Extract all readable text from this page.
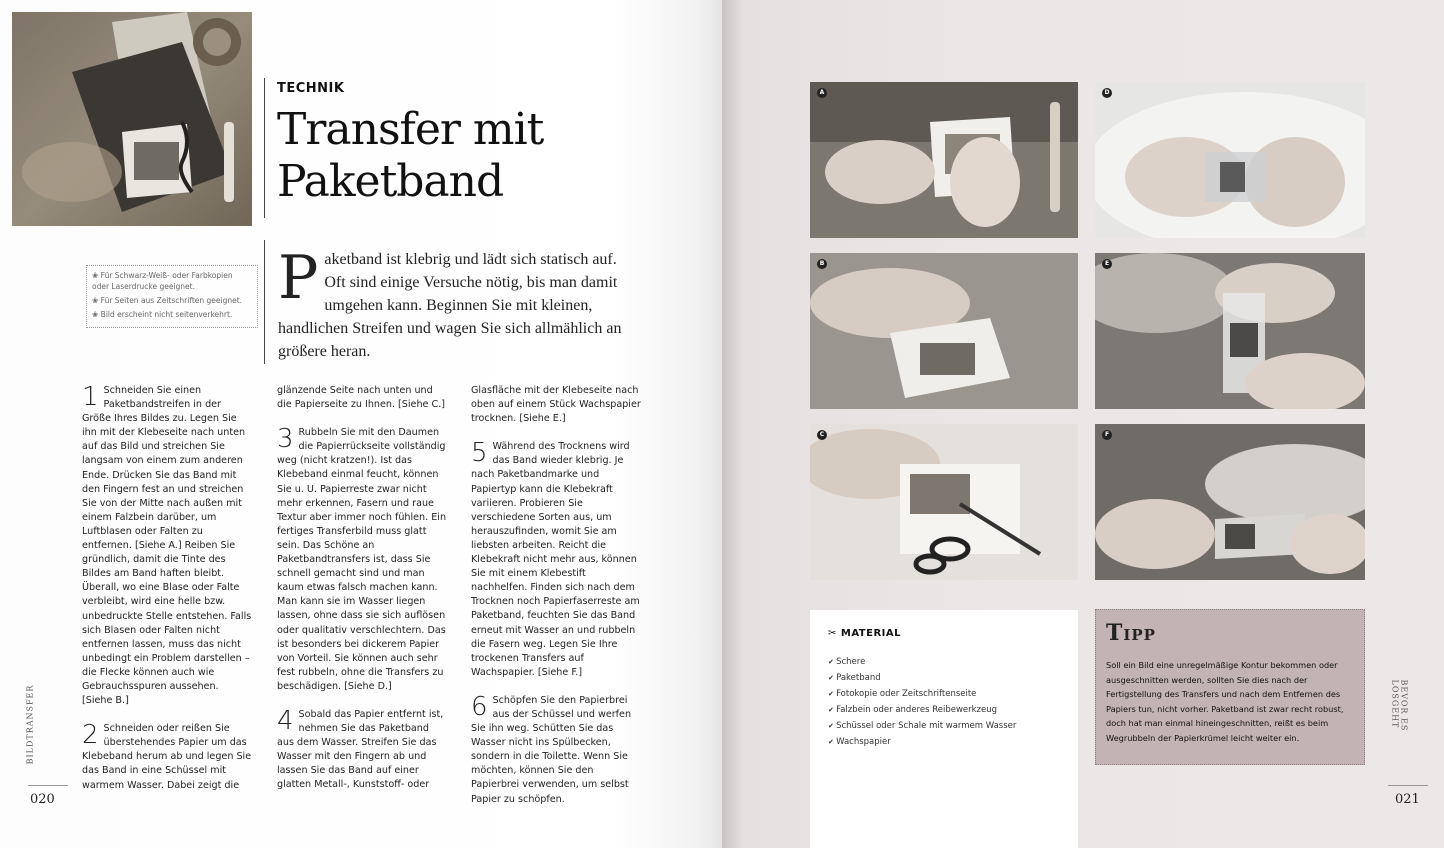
TECHNIK
Transfer mit Paketband
❀ Für Schwarz-Weiß- oder Farbkopien oder Laserdrucke geeignet.
❀ Für Seiten aus Zeitschriften geeignet.
❀ Bild erscheint nicht seitenverkehrt.
Paketband ist klebrig und lädt sich statisch auf. Oft sind einige Versuche nötig, bis man damit umgehen kann. Beginnen Sie mit kleinen, handlichen Streifen und wagen Sie sich allmählich an größere heran.
1 Schneiden Sie einen Paketbandstreifen in der Größe Ihres Bildes zu. Legen Sie ihn mit der Klebeseite nach unten auf das Bild und streichen Sie langsam von einem zum anderen Ende. Drücken Sie das Band mit den Fingern fest an und streichen Sie von der Mitte nach außen mit einem Falzbein darüber, um Luftblasen oder Falten zu entfernen. [Siehe A.] Reiben Sie gründlich, damit die Tinte des Bildes am Band haften bleibt. Überall, wo eine Blase oder Falte verbleibt, wird eine helle bzw. unbedruckte Stelle entstehen. Falls sich Blasen oder Falten nicht entfernen lassen, muss das nicht unbedingt ein Problem darstellen – die Flecke können auch wie Gebrauchsspuren aussehen. [Siehe B.]
2 Schneiden oder reißen Sie überstehendes Papier um das Klebeband herum ab und legen Sie das Band in eine Schüssel mit warmem Wasser. Dabei zeigt die
glänzende Seite nach unten und die Papierseite zu Ihnen. [Siehe C.]
3 Rubbeln Sie mit den Daumen die Papierrückseite vollständig weg (nicht kratzen!). Ist das Klebeband einmal feucht, können Sie u. U. Papierreste zwar nicht mehr erkennen, Fasern und raue Textur aber immer noch fühlen. Ein fertiges Transferbild muss glatt sein. Das Schöne an Paketbandtransfers ist, dass Sie schnell gemacht sind und man kaum etwas falsch machen kann. Man kann sie im Wasser liegen lassen, ohne dass sie sich auflösen oder qualitativ verschlechtern. Das ist besonders bei dickerem Papier von Vorteil. Sie können auch sehr fest rubbeln, ohne die Transfers zu beschädigen. [Siehe D.]
4 Sobald das Papier entfernt ist, nehmen Sie das Paketband aus dem Wasser. Streifen Sie das Wasser mit den Fingern ab und lassen Sie das Band auf einer glatten Metall-, Kunststoff- oder
Glasfläche mit der Klebeseite nach oben auf einem Stück Wachspapier trocknen. [Siehe E.]
5 Während des Trocknens wird das Band wieder klebrig. Je nach Paketbandmarke und Papiertyp kann die Klebekraft variieren. Probieren Sie verschiedene Sorten aus, um herauszufinden, womit Sie am liebsten arbeiten. Reicht die Klebekraft nicht mehr aus, können Sie mit einem Klebestift nachhelfen. Finden sich nach dem Trocknen noch Papierfaserreste am Paketband, feuchten Sie das Band erneut mit Wasser an und rubbeln die Fasern weg. Legen Sie Ihre trockenen Transfers auf Wachspapier. [Siehe F.]
6 Schöpfen Sie den Papierbrei aus der Schüssel und werfen Sie ihn weg. Schütten Sie das Wasser nicht ins Spülbecken, sondern in die Toilette. Wenn Sie möchten, können Sie den Papierbrei verwenden, um selbst Papier zu schöpfen.
BILDTRANSFER
020
A	D
B	E
C	F
✂ MATERIAL
✔ Schere
✔ Paketband
✔ Fotokopie oder Zeitschriftenseite
✔ Falzbein oder anderes Reibewerkzeug
✔ Schüssel oder Schale mit warmem Wasser
✔ Wachspapier
Tipp
Soll ein Bild eine unregelmäßige Kontur bekommen oder ausgeschnitten werden, sollten Sie dies nach der Fertigstellung des Transfers und nach dem Entfernen des Papiers tun, nicht vorher. Paketband ist zwar recht robust, doch hat man einmal hineingeschnitten, reißt es beim Wegrubbeln der Papierkrümel leicht weiter ein.
BEVOR ES LOSGEHT
021
